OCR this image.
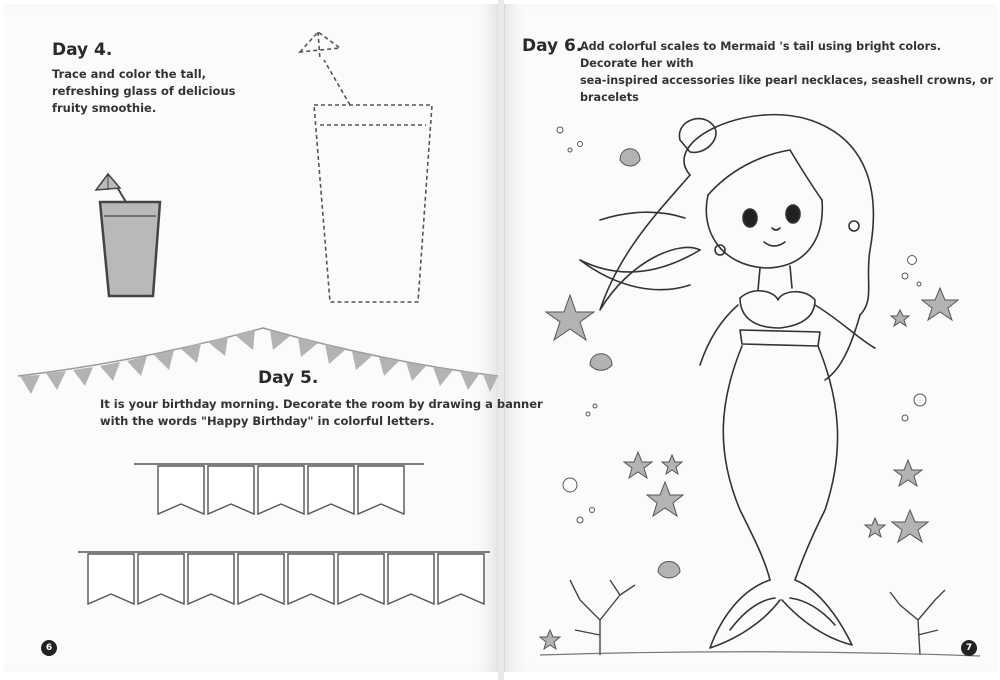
Day 4.
Trace and color the tall,
refreshing glass of delicious
fruity smoothie.
Day 5.
It is your birthday morning. Decorate the room by drawing a banner
with the words "Happy Birthday" in colorful letters.
6
Day 6.
Add colorful scales to Mermaid 's tail using bright colors. Decorate her with
sea-inspired accessories like pearl necklaces, seashell crowns, or bracelets
7
